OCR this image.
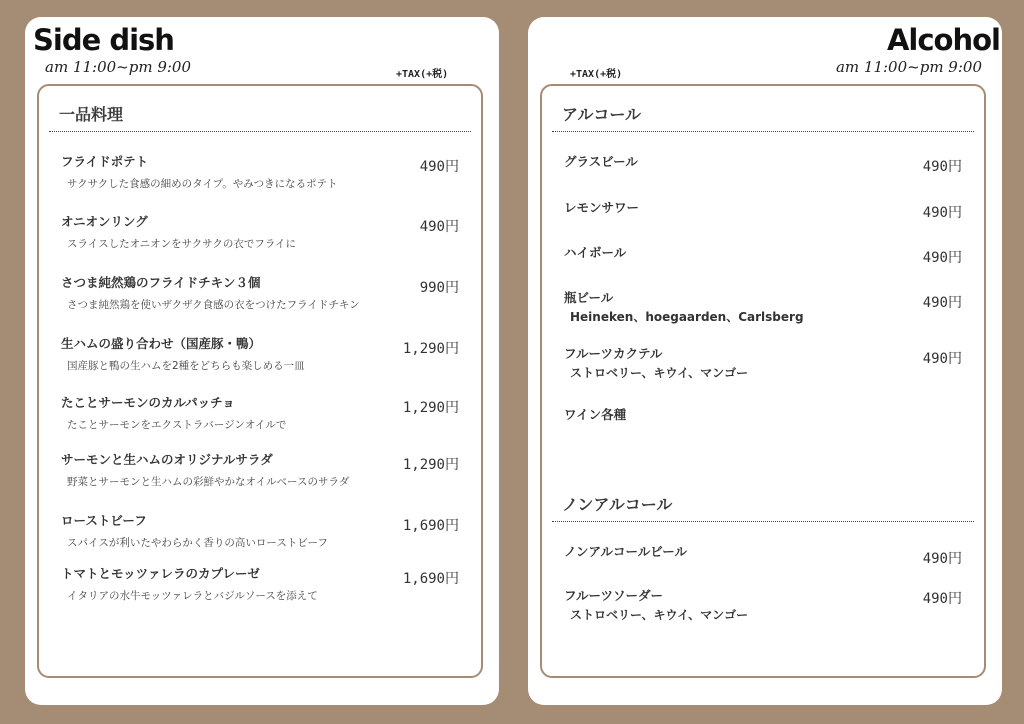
Side dish
am 11:00~pm 9:00	+TAX(+税)
一品料理
フライドポテト
サクサクした食感の細めのタイプ。やみつきになるポテト
490円
オニオンリング
スライスしたオニオンをサクサクの衣でフライに
490円
さつま純然鶏のフライドチキン３個
さつま純然鶏を使いザクザク食感の衣をつけたフライドチキン
990円
生ハムの盛り合わせ（国産豚・鴨）
国産豚と鴨の生ハムを2種をどちらも楽しめる一皿
1,290円
たことサーモンのカルパッチョ
たことサーモンをエクストラバージンオイルで
1,290円
サーモンと生ハムのオリジナルサラダ
野菜とサーモンと生ハムの彩鮮やかなオイルベースのサラダ
1,290円
ローストビーフ
スパイスが利いたやわらかく香りの高いローストビーフ
1,690円
トマトとモッツァレラのカプレーゼ
イタリアの水牛モッツァレラとバジルソースを添えて
1,690円
Alcohol
am 11:00~pm 9:00
+TAX(+税)
アルコール
グラスビール	490円
レモンサワー	490円
ハイボール	490円
瓶ビール
Heineken、hoegaarden、Carlsberg
490円
フルーツカクテル
ストロベリー、キウイ、マンゴー
490円
ワイン各種
ノンアルコール
ノンアルコールビール	490円
フルーツソーダー
ストロベリー、キウイ、マンゴー
490円
